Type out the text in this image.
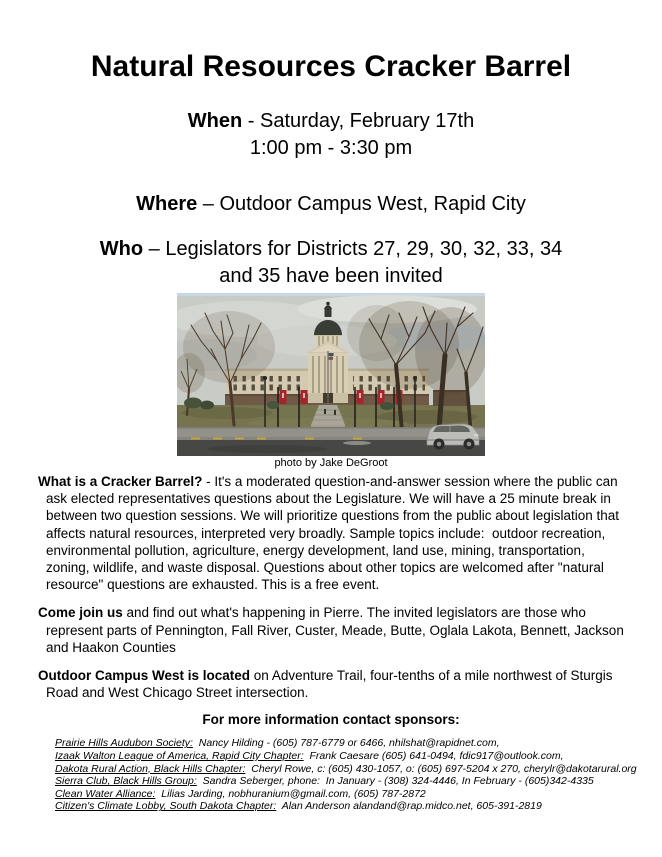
Natural Resources Cracker Barrel
When - Saturday, February 17th
1:00 pm - 3:30 pm
Where – Outdoor Campus West, Rapid City
Who – Legislators for Districts 27, 29, 30, 32, 33, 34
and 35 have been invited
photo by Jake DeGroot

What is a Cracker Barrel? - It's a moderated question-and-answer session where the public can ask elected representatives questions about the Legislature. We will have a 25 minute break in between two question sessions. We will prioritize questions from the public about legislation that affects natural resources, interpreted very broadly. Sample topics include:  outdoor recreation, environmental pollution, agriculture, energy development, land use, mining, transportation, zoning, wildlife, and waste disposal. Questions about other topics are welcomed after "natural resource" questions are exhausted. This is a free event.

Come join us and find out what's happening in Pierre. The invited legislators are those who represent parts of Pennington, Fall River, Custer, Meade, Butte, Oglala Lakota, Bennett, Jackson and Haakon Counties

Outdoor Campus West is located on Adventure Trail, four-tenths of a mile northwest of Sturgis Road and West Chicago Street intersection.

For more information contact sponsors:
Prairie Hills Audubon Society:  Nancy Hilding - (605) 787-6779 or 6466, nhilshat@rapidnet.com,
Izaak Walton League of America, Rapid City Chapter:  Frank Caesare (605) 641-0494, fdic917@outlook.com,
Dakota Rural Action, Black Hills Chapter:  Cheryl Rowe, c: (605) 430-1057, o: (605) 697-5204 x 270, cherylr@dakotarural.org
Sierra Club, Black Hills Group:  Sandra Seberger, phone:  In January - (308) 324-4446, In February - (605)342-4335
Clean Water Alliance:  Lilias Jarding, nobhuranium@gmail.com, (605) 787-2872
Citizen's Climate Lobby, South Dakota Chapter:  Alan Anderson alandand@rap.midco.net, 605-391-2819
